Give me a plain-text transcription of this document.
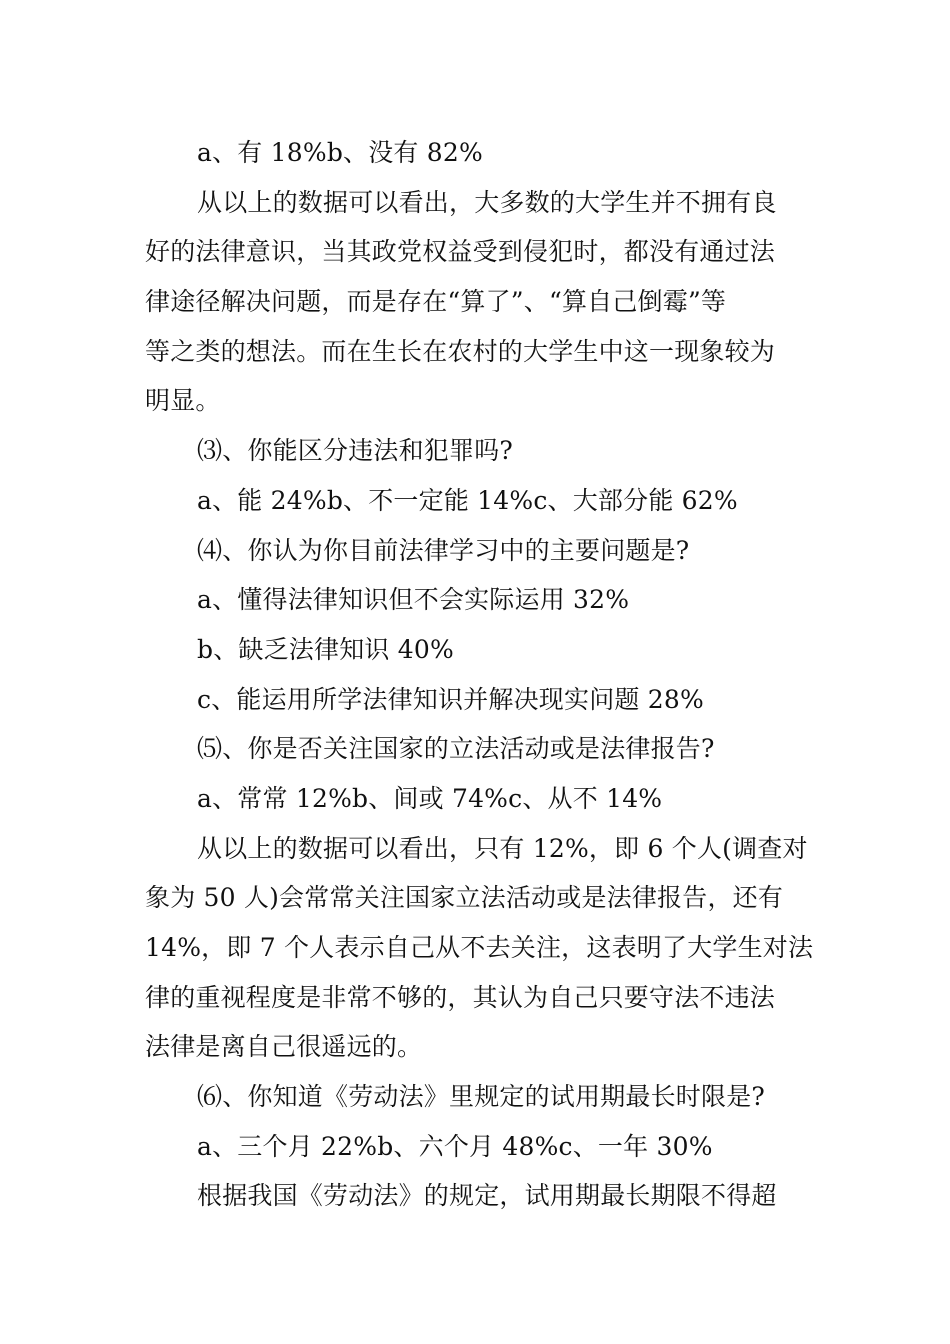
a、有 18%b、没有 82%
从以上的数据可以看出，大多数的大学生并不拥有良
好的法律意识，当其政党权益受到侵犯时，都没有通过法
律途径解决问题，而是存在“算了”、“算自己倒霉”等
等之类的想法。而在生长在农村的大学生中这一现象较为
明显。
⑶、你能区分违法和犯罪吗?
a、能 24%b、不一定能 14%c、大部分能 62%
⑷、你认为你目前法律学习中的主要问题是?
a、懂得法律知识但不会实际运用 32%
b、缺乏法律知识 40%
c、能运用所学法律知识并解决现实问题 28%
⑸、你是否关注国家的立法活动或是法律报告?
a、常常 12%b、间或 74%c、从不 14%
从以上的数据可以看出，只有 12%，即 6 个人(调查对
象为 50 人)会常常关注国家立法活动或是法律报告，还有
14%，即 7 个人表示自己从不去关注，这表明了大学生对法
律的重视程度是非常不够的，其认为自己只要守法不违法
法律是离自己很遥远的。
⑹、你知道《劳动法》里规定的试用期最长时限是?
a、三个月 22%b、六个月 48%c、一年 30%
根据我国《劳动法》的规定，试用期最长期限不得超
